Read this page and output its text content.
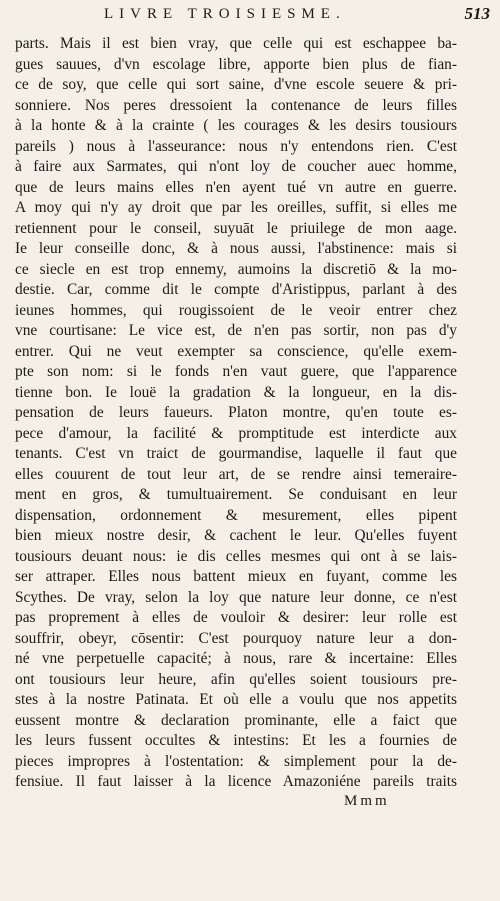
LIVRE TROISIESME.	513
parts. Mais il est bien vray, que celle qui est eschappee ba-
gues sauues, d'vn escolage libre, apporte bien plus de fian-
ce de soy, que celle qui sort saine, d'vne escole seuere & pri-
sonniere. Nos peres dressoient la contenance de leurs filles
à la honte & à la crainte ( les courages & les desirs tousiours
pareils ) nous à l'asseurance: nous n'y entendons rien. C'est
à faire aux Sarmates, qui n'ont loy de coucher auec homme,
que de leurs mains elles n'en ayent tué vn autre en guerre.
A moy qui n'y ay droit que par les oreilles, suffit, si elles me
retiennent pour le conseil, suyuāt le priuilege de mon aage.
Ie leur conseille donc, & à nous aussi, l'abstinence: mais si
ce siecle en est trop ennemy, aumoins la discretiō & la mo-
destie. Car, comme dit le compte d'Aristippus, parlant à des
ieunes hommes, qui rougissoient de le veoir entrer chez
vne courtisane: Le vice est, de n'en pas sortir, non pas d'y
entrer. Qui ne veut exempter sa conscience, qu'elle exem-
pte son nom: si le fonds n'en vaut guere, que l'apparence
tienne bon. Ie louë la gradation & la longueur, en la dis-
pensation de leurs faueurs. Platon montre, qu'en toute es-
pece d'amour, la facilité & promptitude est interdicte aux
tenants. C'est vn traict de gourmandise, laquelle il faut que
elles couurent de tout leur art, de se rendre ainsi temeraire-
ment en gros, & tumultuairement. Se conduisant en leur
dispensation, ordonnement & mesurement, elles pipent
bien mieux nostre desir, & cachent le leur. Qu'elles fuyent
tousiours deuant nous: ie dis celles mesmes qui ont à se lais-
ser attraper. Elles nous battent mieux en fuyant, comme les
Scythes. De vray, selon la loy que nature leur donne, ce n'est
pas proprement à elles de vouloir & desirer: leur rolle est
souffrir, obeyr, cōsentir: C'est pourquoy nature leur a don-
né vne perpetuelle capacité; à nous, rare & incertaine: Elles
ont tousiours leur heure, afin qu'elles soient tousiours pre-
stes à la nostre Patinata. Et où elle a voulu que nos appetits
eussent montre & declaration prominante, elle a faict que
les leurs fussent occultes & intestins: Et les a fournies de
pieces impropres à l'ostentation: & simplement pour la de-
fensiue. Il faut laisser à la licence Amazoniéne pareils traits
Mmm
